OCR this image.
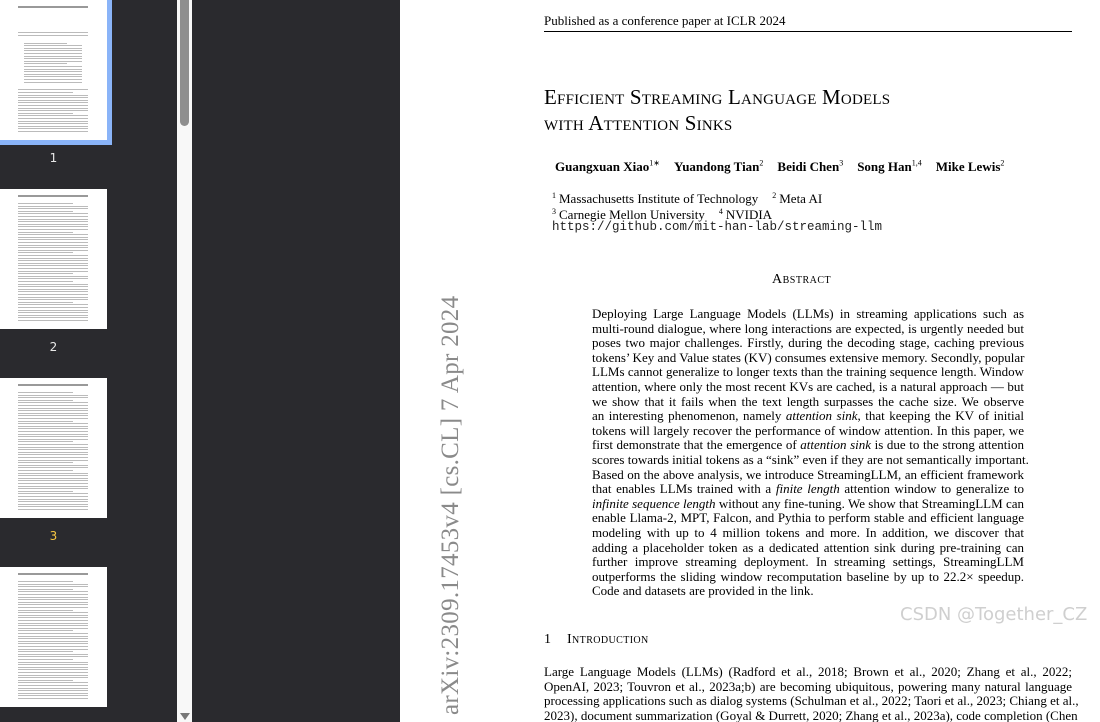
1
2
3	arXiv:2309.17453v4 [cs.CL] 7 Apr 2024
Published as a conference paper at ICLR 2024
Efficient Streaming Language Models
with Attention Sinks
Guangxuan Xiao$^{1∗}$ Yuandong Tian$^2$ Beidi Chen$^3$ Song Han$^{1,4}$ Mike Lewis$^2$
$^1$ Massachusetts Institute of Technology $^2$ Meta AI
$^3$ Carnegie Mellon University $^4$ NVIDIA
https://github.com/mit-han-lab/streaming-llm
Abstract
Deploying Large Language Models (LLMs) in streaming applications such as
multi-round dialogue, where long interactions are expected, is urgently needed but
poses two major challenges. Firstly, during the decoding stage, caching previous
tokens’ Key and Value states (KV) consumes extensive memory. Secondly, popular
LLMs cannot generalize to longer texts than the training sequence length. Window
attention, where only the most recent KVs are cached, is a natural approach — but
we show that it fails when the text length surpasses the cache size. We observe
an interesting phenomenon, namely attention sink, that keeping the KV of initial
tokens will largely recover the performance of window attention. In this paper, we
first demonstrate that the emergence of attention sink is due to the strong attention
scores towards initial tokens as a “sink” even if they are not semantically important.
Based on the above analysis, we introduce StreamingLLM, an efficient framework
that enables LLMs trained with a finite length attention window to generalize to
infinite sequence length without any fine-tuning. We show that StreamingLLM can
enable Llama-2, MPT, Falcon, and Pythia to perform stable and efficient language
modeling with up to 4 million tokens and more. In addition, we discover that
adding a placeholder token as a dedicated attention sink during pre-training can
further improve streaming deployment. In streaming settings, StreamingLLM
outperforms the sliding window recomputation baseline by up to 22.2× speedup.
Code and datasets are provided in the link.
1 Introduction
Large Language Models (LLMs) (Radford et al., 2018; Brown et al., 2020; Zhang et al., 2022;
OpenAI, 2023; Touvron et al., 2023a;b) are becoming ubiquitous, powering many natural language
processing applications such as dialog systems (Schulman et al., 2022; Taori et al., 2023; Chiang et al.,
2023), document summarization (Goyal & Durrett, 2020; Zhang et al., 2023a), code completion (Chen
CSDN @Together_CZ
